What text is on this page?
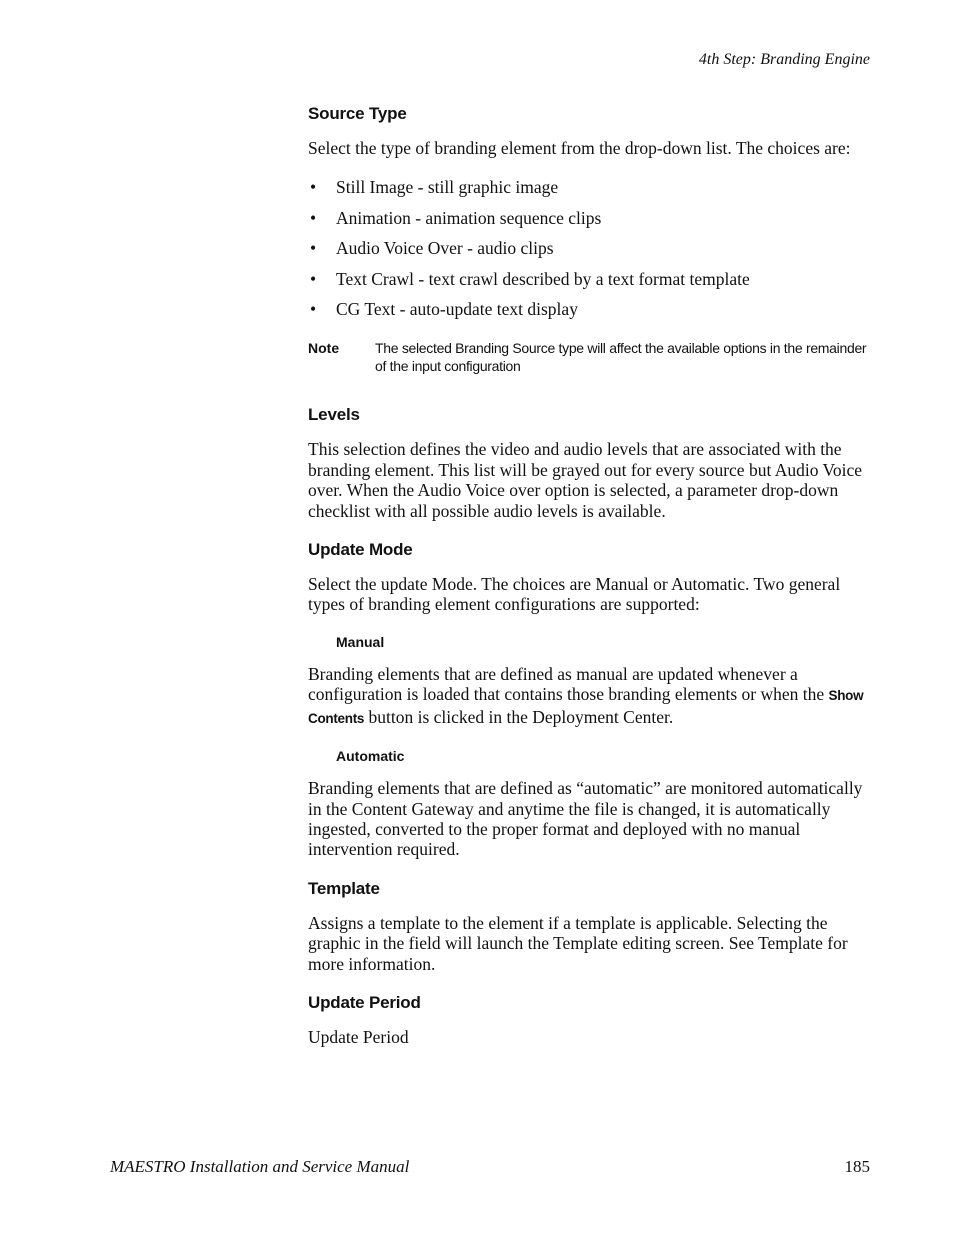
4th Step: Branding Engine
Source Type

Select the type of branding element from the drop-down list. The choices are:

• Still Image - still graphic image
• Animation - animation sequence clips
• Audio Voice Over - audio clips
• Text Crawl - text crawl described by a text format template
• CG Text - auto-update text display
Note	The selected Branding Source type will affect the available options in the remainder of the input configuration
Levels

This selection defines the video and audio levels that are associated with the branding element. This list will be grayed out for every source but Audio Voice over. When the Audio Voice over option is selected, a parameter drop-down checklist with all possible audio levels is available.

Update Mode

Select the update Mode. The choices are Manual or Automatic. Two general types of branding element configurations are supported:

Manual

Branding elements that are defined as manual are updated whenever a configuration is loaded that contains those branding elements or when the Show Contents button is clicked in the Deployment Center.

Automatic

Branding elements that are defined as “automatic” are monitored automatically in the Content Gateway and anytime the file is changed, it is automatically ingested, converted to the proper format and deployed with no manual intervention required.

Template

Assigns a template to the element if a template is applicable. Selecting the graphic in the field will launch the Template editing screen. See Template for more information.

Update Period

Update Period

MAESTRO Installation and Service Manual	185
